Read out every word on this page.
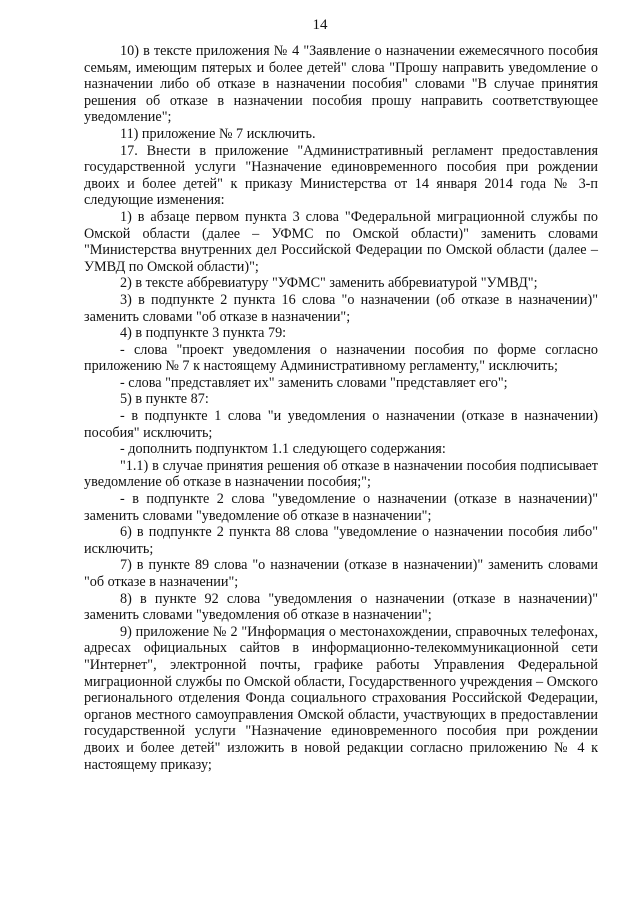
14

10) в тексте приложения № 4 "Заявление о назначении ежемесячного пособия семьям, имеющим пятерых и более детей" слова "Прошу направить уведомление о назначении либо об отказе в назначении пособия" словами "В случае принятия решения об отказе в назначении пособия прошу направить соответствующее уведомление";

11) приложение № 7 исключить.

17. Внести в приложение "Административный регламент предоставления государственной услуги "Назначение единовременного пособия при рождении двоих и более детей" к приказу Министерства от 14 января 2014 года № 3-п следующие изменения:

1) в абзаце первом пункта 3 слова "Федеральной миграционной службы по Омской области (далее – УФМС по Омской области)" заменить словами "Министерства внутренних дел Российской Федерации по Омской области (далее – УМВД по Омской области)";

2) в тексте аббревиатуру "УФМС" заменить аббревиатурой "УМВД";

3) в подпункте 2 пункта 16 слова "о назначении (об отказе в назначении)" заменить словами "об отказе в назначении";

4) в подпункте 3 пункта 79:

- слова "проект уведомления о назначении пособия по форме согласно приложению № 7 к настоящему Административному регламенту," исключить;

- слова "представляет их" заменить словами "представляет его";

5) в пункте 87:

- в подпункте 1 слова "и уведомления о назначении (отказе в назначении) пособия" исключить;

- дополнить подпунктом 1.1 следующего содержания:

"1.1) в случае принятия решения об отказе в назначении пособия подписывает уведомление об отказе в назначении пособия;";

- в подпункте 2 слова "уведомление о назначении (отказе в назначении)" заменить словами "уведомление об отказе в назначении";

6) в подпункте 2 пункта 88 слова "уведомление о назначении пособия либо" исключить;

7) в пункте 89 слова "о назначении (отказе в назначении)" заменить словами "об отказе в назначении";

8) в пункте 92 слова "уведомления о назначении (отказе в назначении)" заменить словами "уведомления об отказе в назначении";

9) приложение № 2 "Информация о местонахождении, справочных телефонах, адресах официальных сайтов в информационно-телекоммуникационной сети "Интернет", электронной почты, графике работы Управления Федеральной миграционной службы по Омской области, Государственного учреждения – Омского регионального отделения Фонда социального страхования Российской Федерации, органов местного самоуправления Омской области, участвующих в предоставлении государственной услуги "Назначение единовременного пособия при рождении двоих и более детей" изложить в новой редакции согласно приложению № 4 к настоящему приказу;
